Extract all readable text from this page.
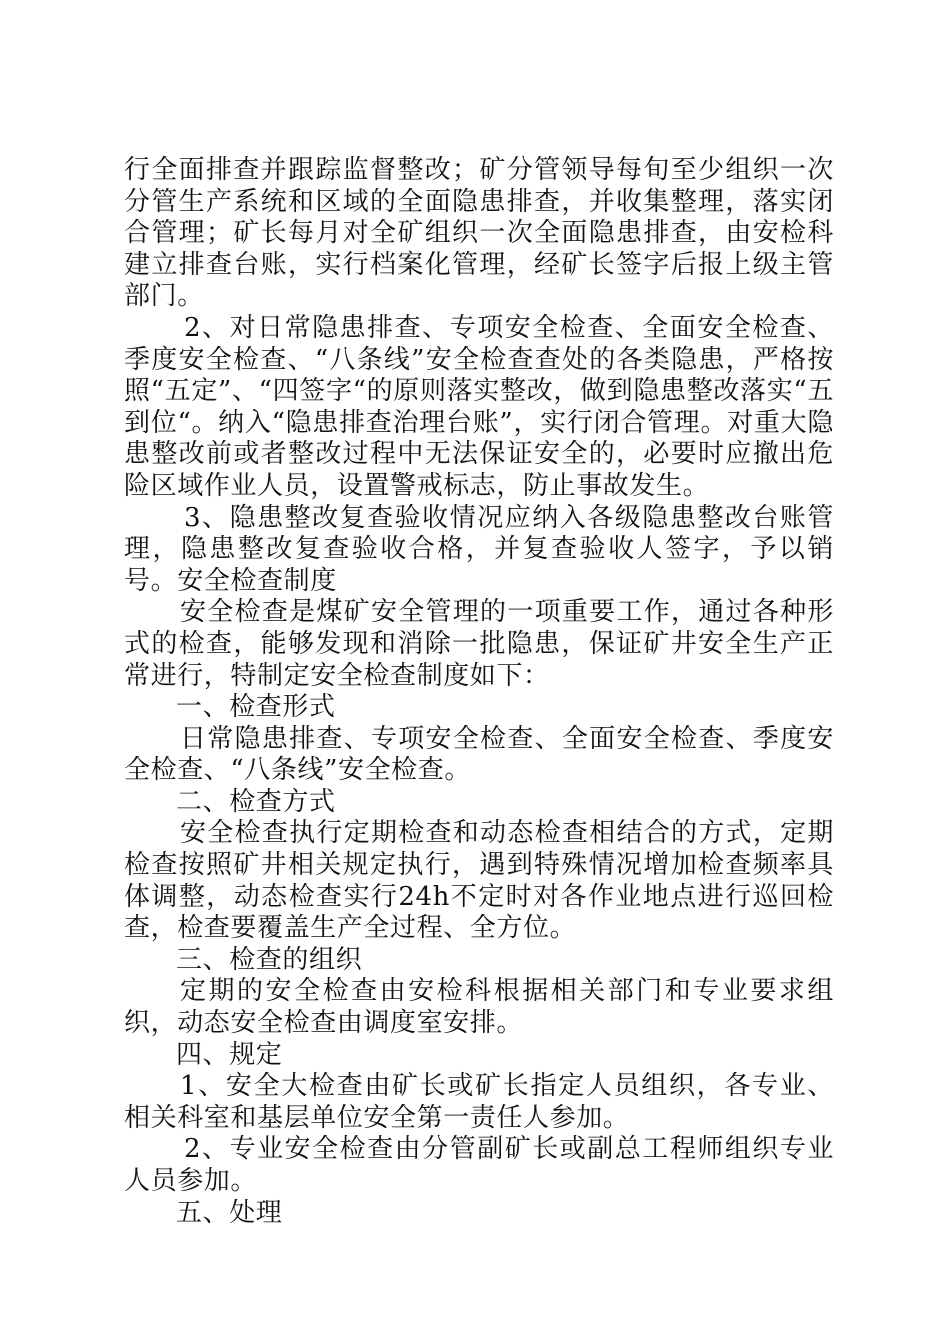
行全面排查并跟踪监督整改；矿分管领导每旬至少组织一次分管生产系统和区域的全面隐患排查，并收集整理，落实闭合管理；矿长每月对全矿组织一次全面隐患排查，由安检科建立排查台账，实行档案化管理，经矿长签字后报上级主管部门。

2、对日常隐患排查、专项安全检查、全面安全检查、季度安全检查、“八条线”安全检查查处的各类隐患，严格按照“五定”、“四签字“的原则落实整改，做到隐患整改落实“五到位“。纳入“隐患排查治理台账”，实行闭合管理。对重大隐患整改前或者整改过程中无法保证安全的，必要时应撤出危险区域作业人员，设置警戒标志，防止事故发生。

3、隐患整改复查验收情况应纳入各级隐患整改台账管理，隐患整改复查验收合格，并复查验收人签字，予以销号。安全检查制度

安全检查是煤矿安全管理的一项重要工作，通过各种形式的检查，能够发现和消除一批隐患，保证矿井安全生产正常进行，特制定安全检查制度如下：

一、检查形式

日常隐患排查、专项安全检查、全面安全检查、季度安全检查、“八条线”安全检查。

二、检查方式

安全检查执行定期检查和动态检查相结合的方式，定期检查按照矿井相关规定执行，遇到特殊情况增加检查频率具体调整，动态检查实行24h不定时对各作业地点进行巡回检查，检查要覆盖生产全过程、全方位。

三、检查的组织

定期的安全检查由安检科根据相关部门和专业要求组织，动态安全检查由调度室安排。

四、规定

1、安全大检查由矿长或矿长指定人员组织，各专业、相关科室和基层单位安全第一责任人参加。

2、专业安全检查由分管副矿长或副总工程师组织专业人员参加。

五、处理
